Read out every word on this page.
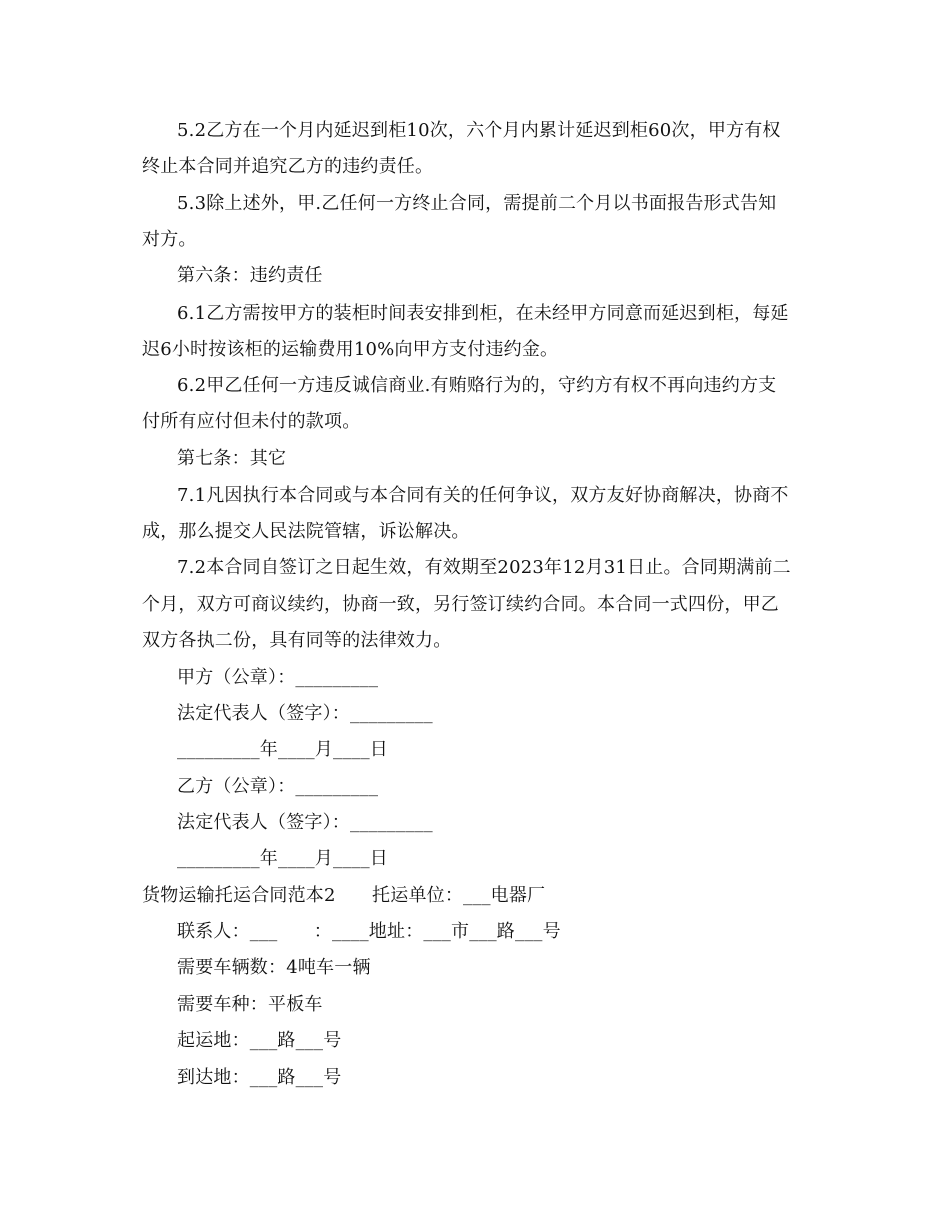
5.2乙方在一个月内延迟到柜10次，六个月内累计延迟到柜60次，甲方有权
终止本合同并追究乙方的违约责任。
5.3除上述外，甲.乙任何一方终止合同，需提前二个月以书面报告形式告知
对方。
第六条：违约责任
6.1乙方需按甲方的装柜时间表安排到柜，在未经甲方同意而延迟到柜，每延
迟6小时按该柜的运输费用10%向甲方支付违约金。
6.2甲乙任何一方违反诚信商业.有贿赂行为的，守约方有权不再向违约方支
付所有应付但未付的款项。
第七条：其它
7.1凡因执行本合同或与本合同有关的任何争议，双方友好协商解决，协商不
成，那么提交人民法院管辖，诉讼解决。
7.2本合同自签订之日起生效，有效期至2023年12月31日止。合同期满前二
个月，双方可商议续约，协商一致，另行签订续约合同。本合同一式四份，甲乙
双方各执二份，具有同等的法律效力。
甲方（公章）：_________
法定代表人（签字）：_________
_________年____月____日
乙方（公章）：_________
法定代表人（签字）：_________
_________年____月____日
货物运输托运合同范本2　　托运单位：___电器厂
联系人：___　　：____地址：___市___路___号
需要车辆数：4吨车一辆
需要车种：平板车
起运地：___路___号
到达地：___路___号
